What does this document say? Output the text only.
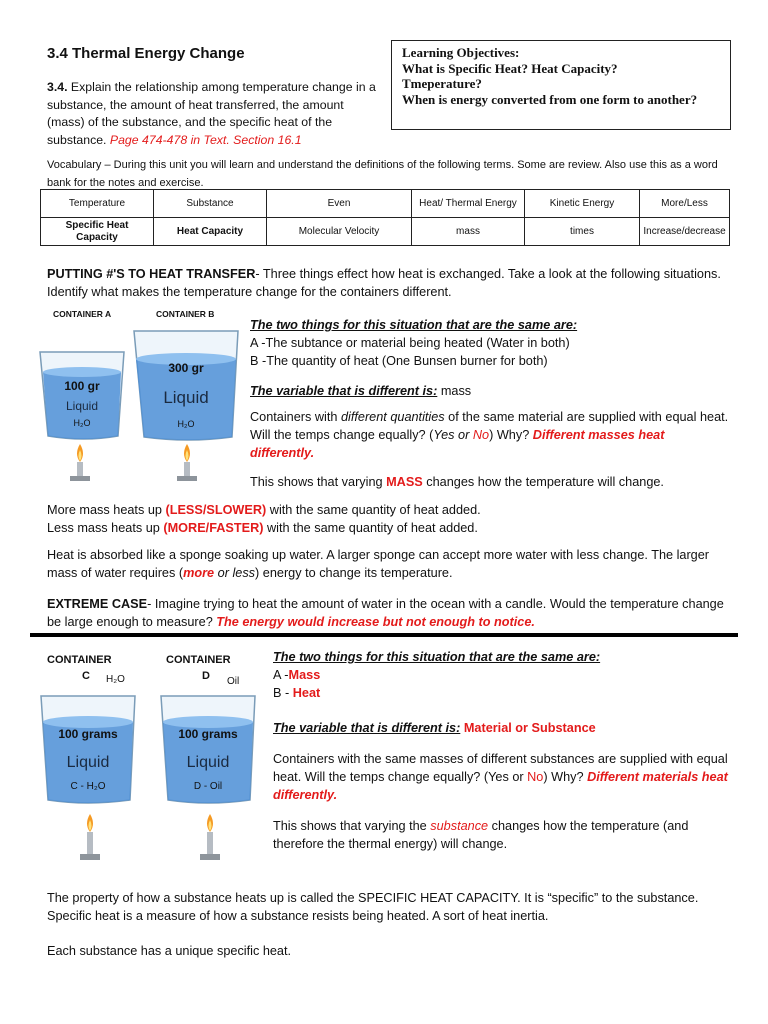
3.4 Thermal Energy Change

3.4. Explain the relationship among temperature change in a substance, the amount of heat transferred, the amount (mass) of the substance, and the specific heat of the substance. Page 474-478 in Text. Section 16.1

Learning Objectives:
What is Specific Heat? Heat Capacity?
Tmeperature?
When is energy converted from one form to another?

Vocabulary – During this unit you will learn and understand the definitions of the following terms. Some are review. Also use this as a word bank for the notes and exercise.

Temperature	Substance	Even	Heat/ Thermal Energy	Kinetic Energy	More/Less
Specific Heat Capacity	Heat Capacity	Molecular Velocity	mass	times	Increase/decrease

PUTTING #'S TO HEAT TRANSFER- Three things effect how heat is exchanged. Take a look at the following situations. Identify what makes the temperature change for the containers different.

CONTAINER A	CONTAINER B
100 gr
Liquid
H₂O
300 gr
Liquid
H₂O
The two things for this situation that are the same are:
A -The subtance or material being heated (Water in both)
B -The quantity of heat (One Bunsen burner for both)
The variable that is different is: mass

Containers with different quantities of the same material are supplied with equal heat. Will the temps change equally? (Yes or No) Why? Different masses heat differently.

This shows that varying MASS changes how the temperature will change.

More mass heats up (LESS/SLOWER) with the same quantity of heat added.
Less mass heats up (MORE/FASTER) with the same quantity of heat added.

Heat is absorbed like a sponge soaking up water. A larger sponge can accept more water with less change. The larger mass of water requires (more or less) energy to change its temperature.

EXTREME CASE- Imagine trying to heat the amount of water in the ocean with a candle. Would the temperature change be large enough to measure? The energy would increase but not enough to notice.

CONTAINER	CONTAINER
C H₂O	D Oil
100 grams
Liquid
C - H₂O
100 grams
Liquid
D - Oil
The two things for this situation that are the same are:
A -Mass
B - Heat
The variable that is different is: Material or Substance

Containers with the same masses of different substances are supplied with equal heat. Will the temps change equally? (Yes or No) Why? Different materials heat differently.

This shows that varying the substance changes how the temperature (and therefore the thermal energy) will change.

The property of how a substance heats up is called the SPECIFIC HEAT CAPACITY. It is “specific” to the substance. Specific heat is a measure of how a substance resists being heated. A sort of heat inertia.

Each substance has a unique specific heat.
